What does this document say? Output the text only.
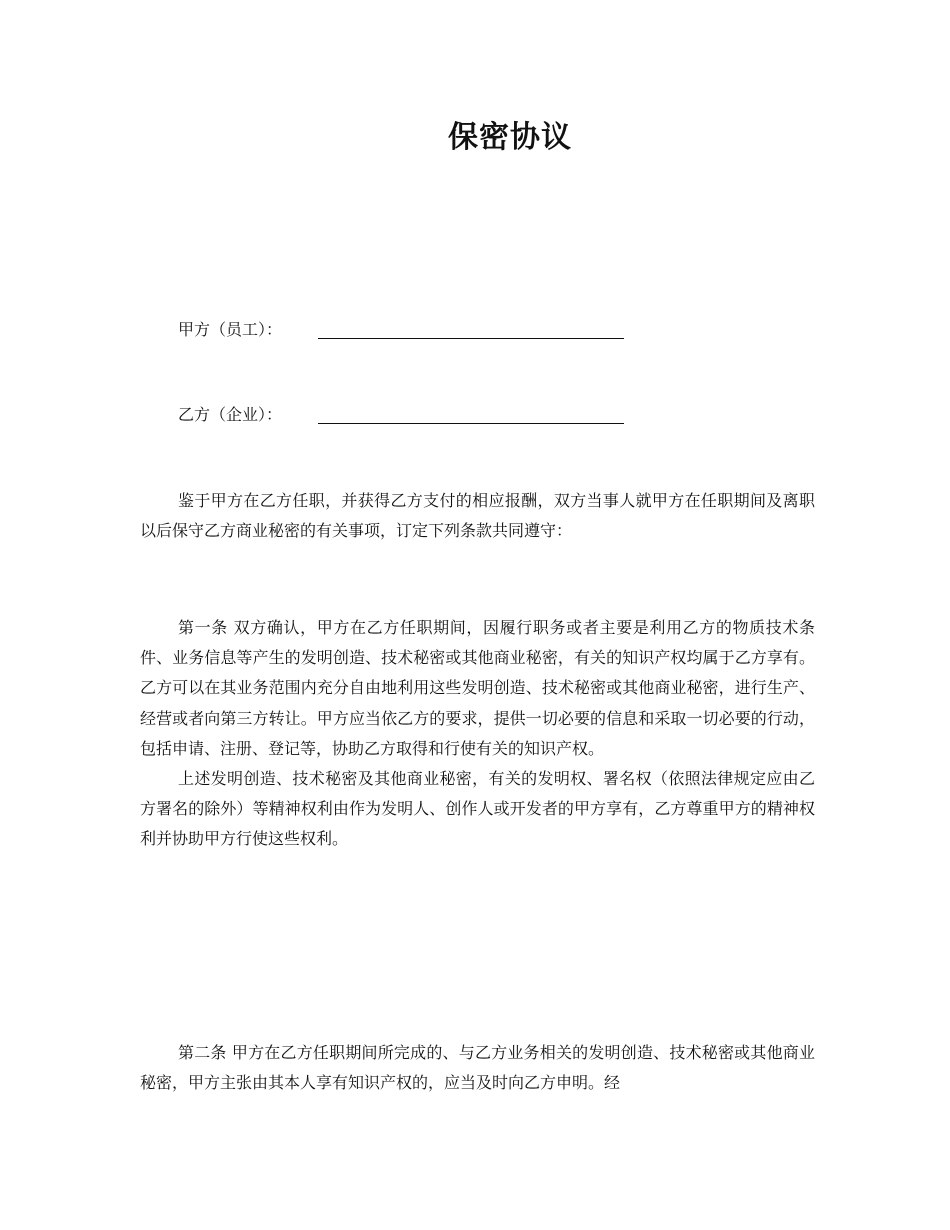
保密协议
甲方（员工）：
乙方（企业）：

鉴于甲方在乙方任职，并获得乙方支付的相应报酬，双方当事人就甲方在任职期间及离职以后保守乙方商业秘密的有关事项，订定下列条款共同遵守：

第一条 双方确认，甲方在乙方任职期间，因履行职务或者主要是利用乙方的物质技术条件、业务信息等产生的发明创造、技术秘密或其他商业秘密，有关的知识产权均属于乙方享有。乙方可以在其业务范围内充分自由地利用这些发明创造、技术秘密或其他商业秘密，进行生产、经营或者向第三方转让。甲方应当依乙方的要求，提供一切必要的信息和采取一切必要的行动，包括申请、注册、登记等，协助乙方取得和行使有关的知识产权。

上述发明创造、技术秘密及其他商业秘密，有关的发明权、署名权（依照法律规定应由乙方署名的除外）等精神权利由作为发明人、创作人或开发者的甲方享有，乙方尊重甲方的精神权利并协助甲方行使这些权利。

第二条 甲方在乙方任职期间所完成的、与乙方业务相关的发明创造、技术秘密或其他商业秘密，甲方主张由其本人享有知识产权的，应当及时向乙方申明。经
